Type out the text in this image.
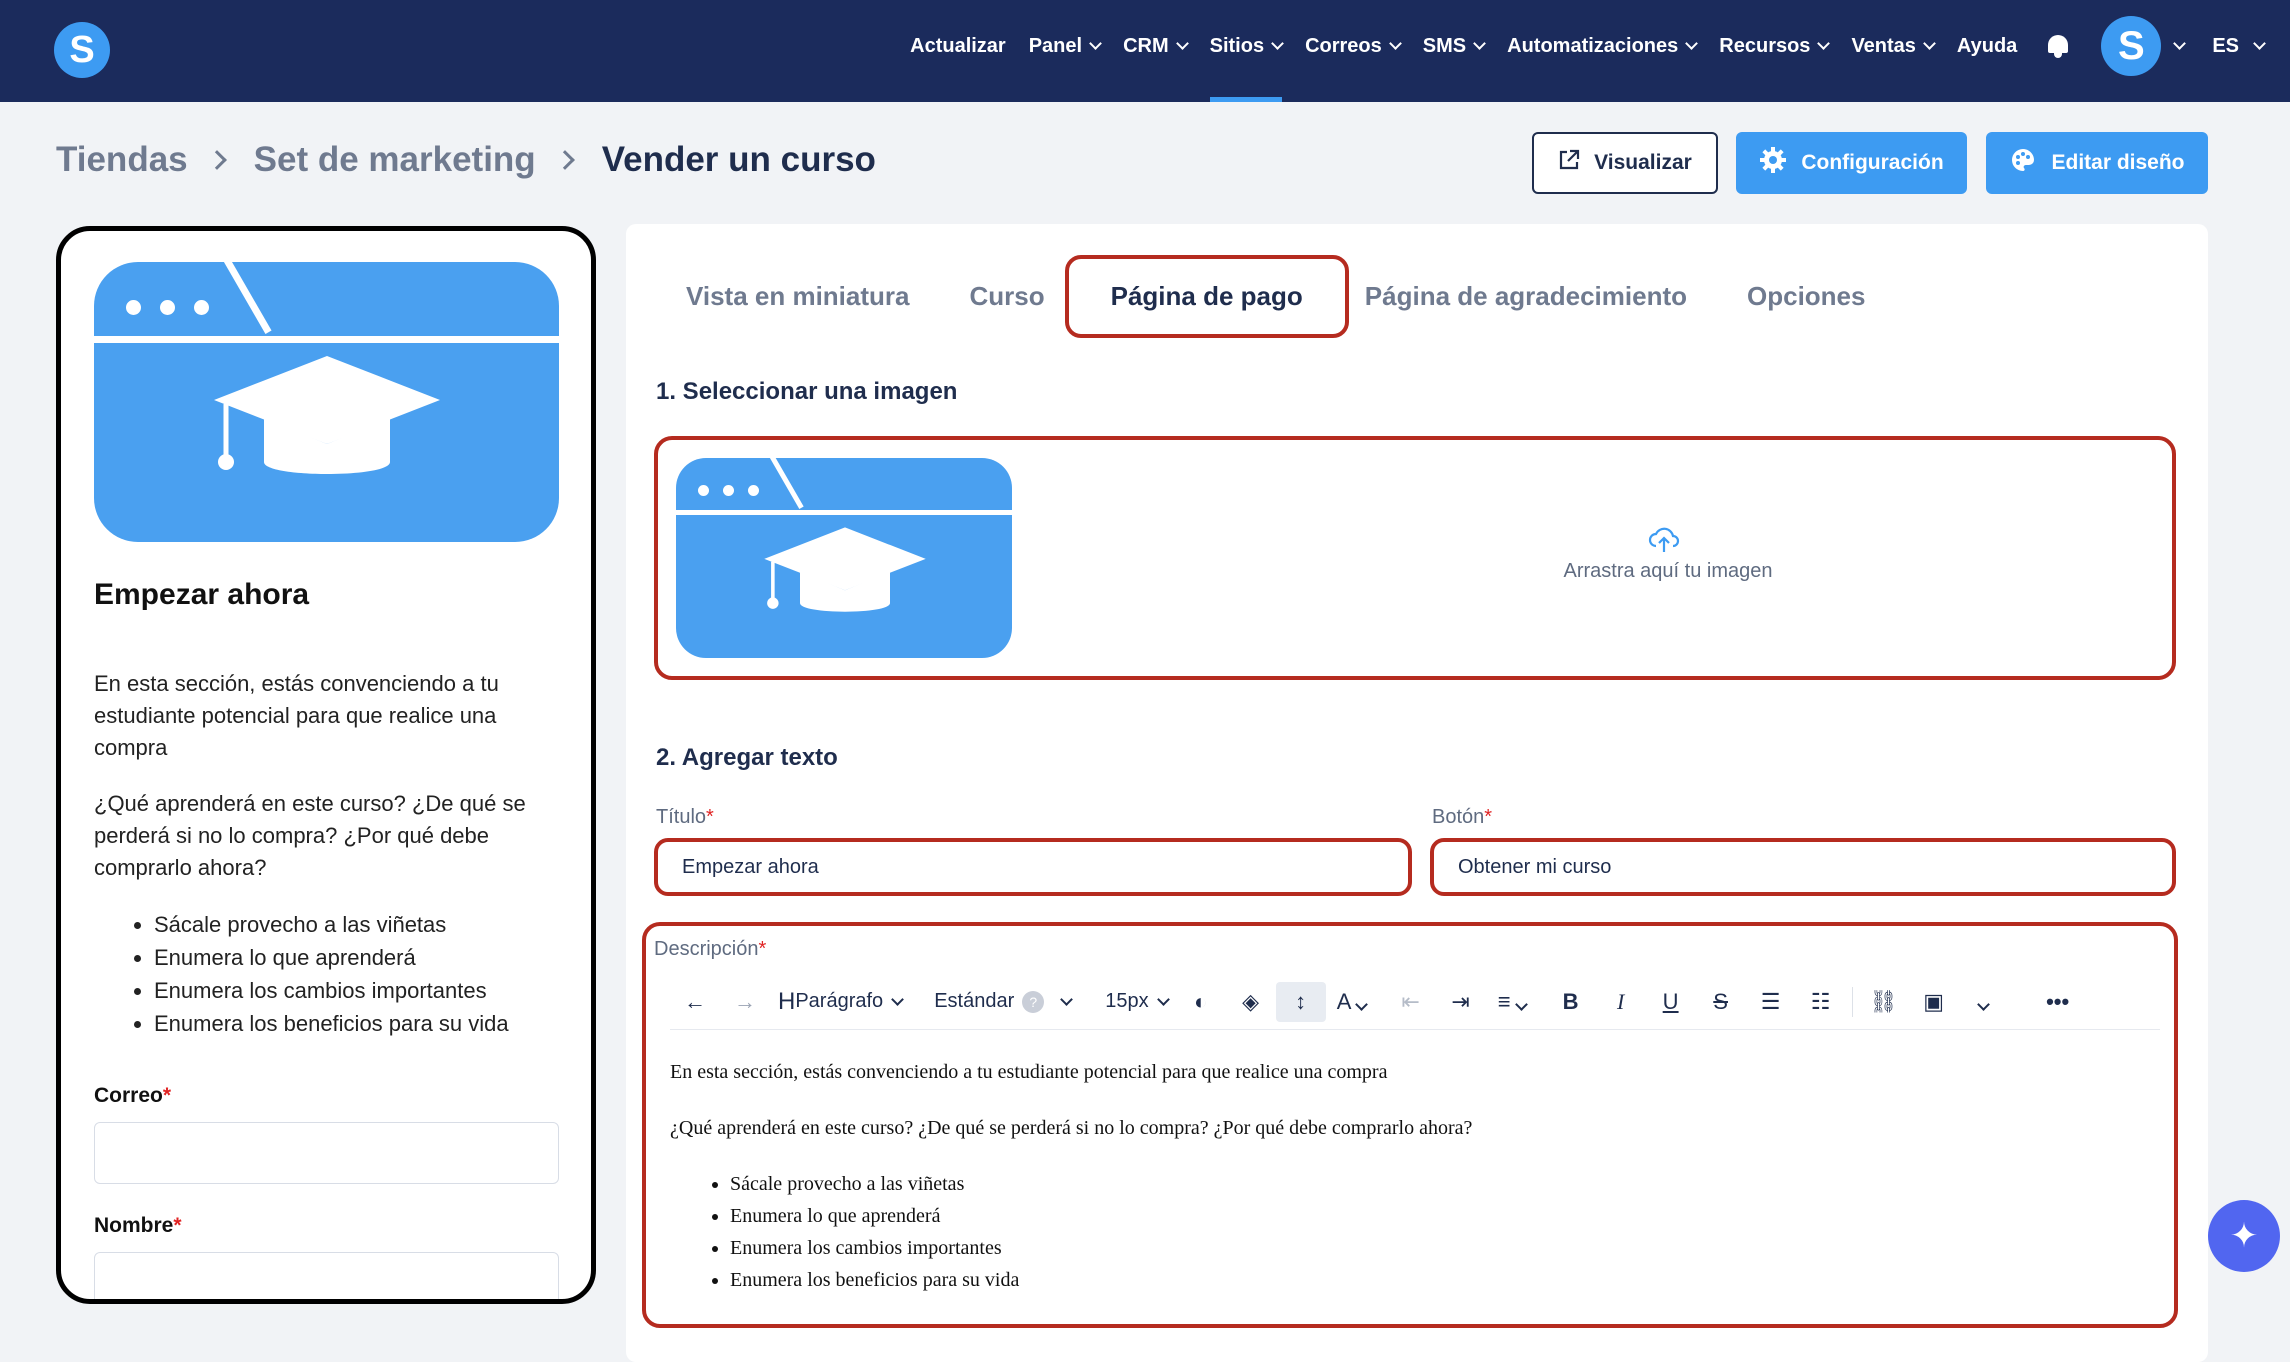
S	Actualizar Panel CRM Sitios Correos SMS Automatizaciones Recursos Ventas Ayuda	S	ES
Tiendas Set de marketing Vender un curso	Visualizar	Configuración	Editar diseño
Empezar ahora
En esta sección, estás convenciendo a tu estudiante potencial para que realice una compra
¿Qué aprenderá en este curso? ¿De qué se perderá si no lo compra? ¿Por qué debe comprarlo ahora?
• Sácale provecho a las viñetas
• Enumera lo que aprenderá
• Enumera los cambios importantes
• Enumera los beneficios para su vida
Correo*
Nombre*
Vista en miniatura Curso	Página de pago	Página de agradecimiento Opciones
1. Seleccionar una imagen
Arrastra aquí tu imagen
2. Agregar texto
Título*
Empezar ahora
Botón*
Obtener mi curso
Descripción*
←	→ H Parágrafo	Estándar	?	15px	◐	◈	↕	A	⇤	⇥	≡	B	I	U	S	☰	☷	⛓	▣	•••

En esta sección, estás convenciendo a tu estudiante potencial para que realice una compra

¿Qué aprenderá en este curso? ¿De qué se perderá si no lo compra? ¿Por qué debe comprarlo ahora?

• Sácale provecho a las viñetas
• Enumera lo que aprenderá
• Enumera los cambios importantes
• Enumera los beneficios para su vida
✦
